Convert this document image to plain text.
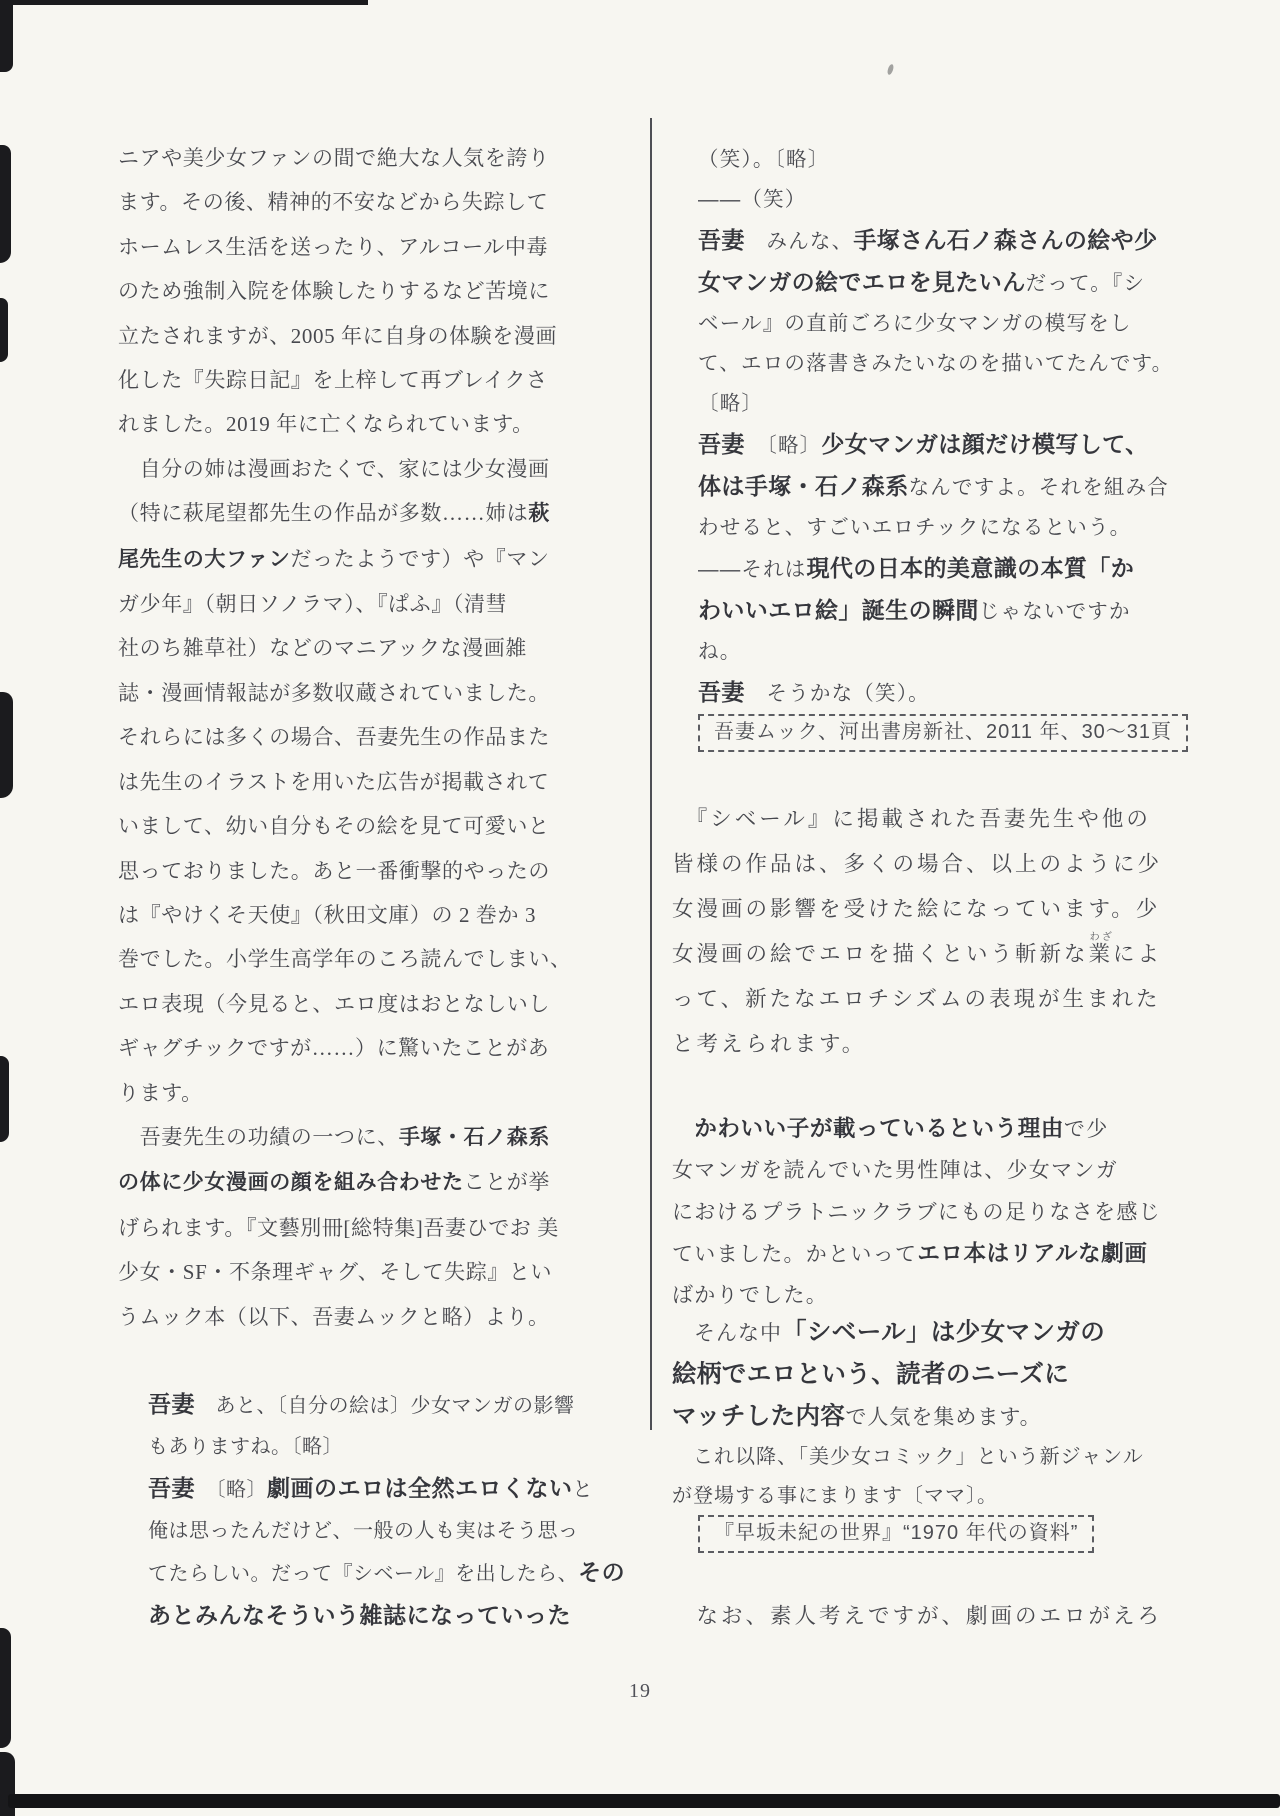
ニアや美少女ファンの間で絶大な人気を誇り
ます。その後、精神的不安などから失踪して
ホームレス生活を送ったり、アルコール中毒
のため強制入院を体験したりするなど苦境に
立たされますが、2005 年に自身の体験を漫画
化した『失踪日記』を上梓して再ブレイクさ
れました。2019 年に亡くなられています。
　自分の姉は漫画おたくで、家には少女漫画
（特に萩尾望都先生の作品が多数……姉は萩
尾先生の大ファンだったようです）や『マン
ガ少年』（朝日ソノラマ）、『ぱふ』（清彗
社のち雑草社）などのマニアックな漫画雑
誌・漫画情報誌が多数収蔵されていました。
それらには多くの場合、吾妻先生の作品また
は先生のイラストを用いた広告が掲載されて
いまして、幼い自分もその絵を見て可愛いと
思っておりました。あと一番衝撃的やったの
は『やけくそ天使』（秋田文庫）の 2 巻か 3
巻でした。小学生高学年のころ読んでしまい、
エロ表現（今見ると、エロ度はおとなしいし
ギャグチックですが……）に驚いたことがあ
ります。
　吾妻先生の功績の一つに、手塚・石ノ森系
の体に少女漫画の顔を組み合わせたことが挙
げられます。『文藝別冊[総特集]吾妻ひでお 美
少女・SF・不条理ギャグ、そして失踪』とい
うムック本（以下、吾妻ムックと略）より。
吾妻　あと、〔自分の絵は〕少女マンガの影響
もありますね。〔略〕
吾妻　〔略〕劇画のエロは全然エロくないと
俺は思ったんだけど、一般の人も実はそう思っ
てたらしい。だって『シベール』を出したら、その
あとみんなそういう雑誌になっていった
（笑）。〔略〕
——（笑）
吾妻　みんな、手塚さん石ノ森さんの絵や少
女マンガの絵でエロを見たいんだって。『シ
ベール』の直前ごろに少女マンガの模写をし
て、エロの落書きみたいなのを描いてたんです。
〔略〕
吾妻　〔略〕少女マンガは顔だけ模写して、
体は手塚・石ノ森系なんですよ。それを組み合
わせると、すごいエロチックになるという。
——それは現代の日本的美意識の本質「か
わいいエロ絵」誕生の瞬間じゃないですか
ね。
吾妻　そうかな（笑）。
吾妻ムック、河出書房新社、2011 年、30〜31頁
　『シベール』に掲載された吾妻先生や他の
皆様の作品は、多くの場合、以上のように少
女漫画の影響を受けた絵になっています。少
女漫画の絵でエロを描くという斬新な業わざによ
って、新たなエロチシズムの表現が生まれた
と考えられます。
　かわいい子が載っているという理由で少
女マンガを読んでいた男性陣は、少女マンガ
におけるプラトニックラブにもの足りなさを感じ
ていました。かといってエロ本はリアルな劇画
ばかりでした。
　そんな中「シベール」は少女マンガの
絵柄でエロという、読者のニーズに
マッチした内容で人気を集めます。
　これ以降、「美少女コミック」という新ジャンル
が登場する事にまります〔ママ〕。
『早坂未紀の世界』“1970 年代の資料”
　なお、素人考えですが、劇画のエロがえろ
19
